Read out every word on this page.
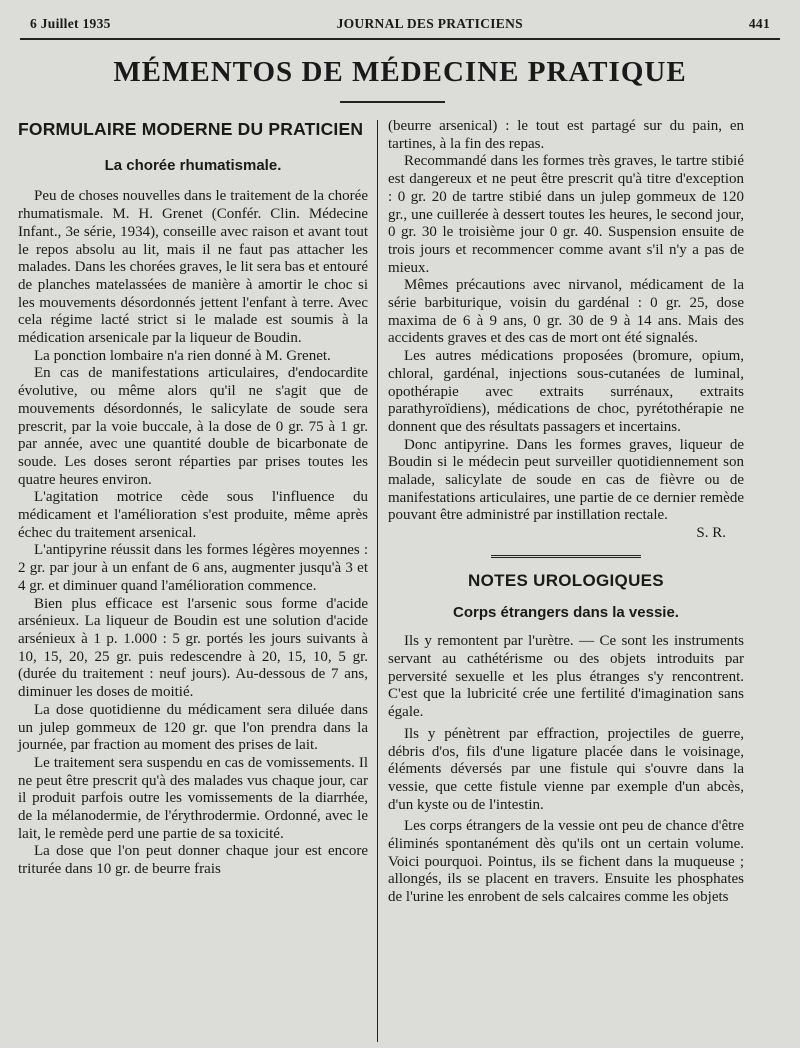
6 Juillet 1935	JOURNAL DES PRATICIENS	441
MÉMENTOS DE MÉDECINE PRATIQUE
FORMULAIRE MODERNE DU PRATICIEN
La chorée rhumatismale.

Peu de choses nouvelles dans le traitement de la chorée rhumatismale. M. H. Grenet (Confér. Clin. Médecine Infant., 3e série, 1934), conseille avec raison et avant tout le repos absolu au lit, mais il ne faut pas attacher les malades. Dans les chorées graves, le lit sera bas et entouré de planches matelassées de manière à amortir le choc si les mouvements désordonnés jettent l'enfant à terre. Avec cela régime lacté strict si le malade est soumis à la médication arsenicale par la liqueur de Boudin.

La ponction lombaire n'a rien donné à M. Grenet.

En cas de manifestations articulaires, d'endocardite évolutive, ou même alors qu'il ne s'agit que de mouvements désordonnés, le salicylate de soude sera prescrit, par la voie buccale, à la dose de 0 gr. 75 à 1 gr. par année, avec une quantité double de bicarbonate de soude. Les doses seront réparties par prises toutes les quatre heures environ.

L'agitation motrice cède sous l'influence du médicament et l'amélioration s'est produite, même après échec du traitement arsenical.

L'antipyrine réussit dans les formes légères moyennes : 2 gr. par jour à un enfant de 6 ans, augmenter jusqu'à 3 et 4 gr. et diminuer quand l'amélioration commence.

Bien plus efficace est l'arsenic sous forme d'acide arsénieux. La liqueur de Boudin est une solution d'acide arsénieux à 1 p. 1.000 : 5 gr. portés les jours suivants à 10, 15, 20, 25 gr. puis redescendre à 20, 15, 10, 5 gr. (durée du traitement : neuf jours). Au-dessous de 7 ans, diminuer les doses de moitié.

La dose quotidienne du médicament sera diluée dans un julep gommeux de 120 gr. que l'on prendra dans la journée, par fraction au moment des prises de lait.

Le traitement sera suspendu en cas de vomissements. Il ne peut être prescrit qu'à des malades vus chaque jour, car il produit parfois outre les vomissements de la diarrhée, de la mélanodermie, de l'érythrodermie. Ordonné, avec le lait, le remède perd une partie de sa toxicité.

La dose que l'on peut donner chaque jour est encore triturée dans 10 gr. de beurre frais

(beurre arsenical) : le tout est partagé sur du pain, en tartines, à la fin des repas.

Recommandé dans les formes très graves, le tartre stibié est dangereux et ne peut être prescrit qu'à titre d'exception : 0 gr. 20 de tartre stibié dans un julep gommeux de 120 gr., une cuillerée à dessert toutes les heures, le second jour, 0 gr. 30 le troisième jour 0 gr. 40. Suspension ensuite de trois jours et recommencer comme avant s'il n'y a pas de mieux.

Mêmes précautions avec nirvanol, médicament de la série barbiturique, voisin du gardénal : 0 gr. 25, dose maxima de 6 à 9 ans, 0 gr. 30 de 9 à 14 ans. Mais des accidents graves et des cas de mort ont été signalés.

Les autres médications proposées (bromure, opium, chloral, gardénal, injections sous-cutanées de luminal, opothérapie avec extraits surrénaux, extraits parathyroïdiens), médications de choc, pyrétothérapie ne donnent que des résultats passagers et incertains.

Donc antipyrine. Dans les formes graves, liqueur de Boudin si le médecin peut surveiller quotidiennement son malade, salicylate de soude en cas de fièvre ou de manifestations articulaires, une partie de ce dernier remède pouvant être administré par instillation rectale.

S. R.

NOTES UROLOGIQUES
Corps étrangers dans la vessie.

Ils y remontent par l'urètre. — Ce sont les instruments servant au cathétérisme ou des objets introduits par perversité sexuelle et les plus étranges s'y rencontrent. C'est que la lubricité crée une fertilité d'imagination sans égale.

Ils y pénètrent par effraction, projectiles de guerre, débris d'os, fils d'une ligature placée dans le voisinage, éléments déversés par une fistule qui s'ouvre dans la vessie, que cette fistule vienne par exemple d'un abcès, d'un kyste ou de l'intestin.

Les corps étrangers de la vessie ont peu de chance d'être éliminés spontanément dès qu'ils ont un certain volume. Voici pourquoi. Pointus, ils se fichent dans la muqueuse ; allongés, ils se placent en travers. Ensuite les phosphates de l'urine les enrobent de sels calcaires comme les objets
